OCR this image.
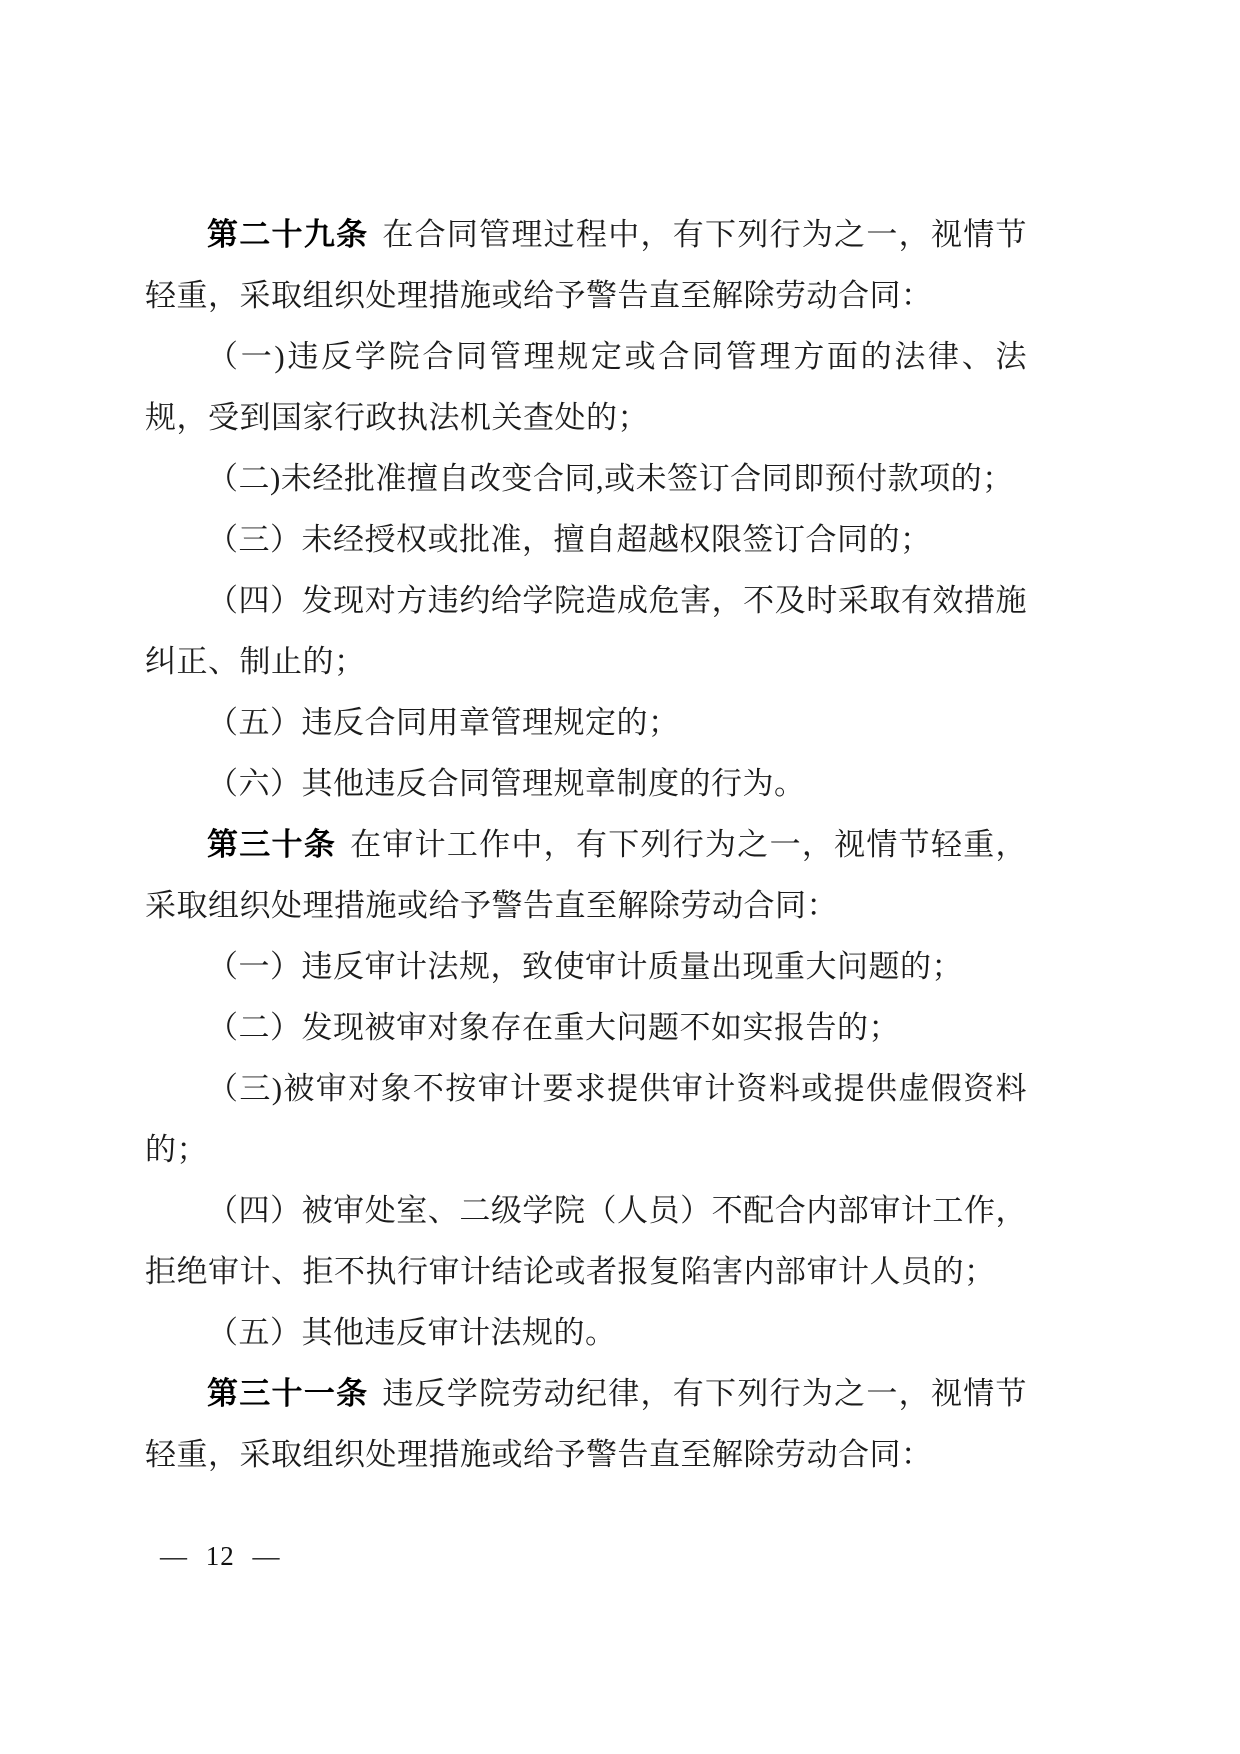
第二十九条 在合同管理过程中，有下列行为之一，视情节轻重，采取组织处理措施或给予警告直至解除劳动合同：

（一)违反学院合同管理规定或合同管理方面的法律、法规，受到国家行政执法机关查处的；

（二)未经批准擅自改变合同,或未签订合同即预付款项的；

（三）未经授权或批准，擅自超越权限签订合同的；

（四）发现对方违约给学院造成危害，不及时采取有效措施纠正、制止的；

（五）违反合同用章管理规定的；

（六）其他违反合同管理规章制度的行为。

第三十条 在审计工作中，有下列行为之一，视情节轻重，采取组织处理措施或给予警告直至解除劳动合同：

（一）违反审计法规，致使审计质量出现重大问题的；

（二）发现被审对象存在重大问题不如实报告的；

（三)被审对象不按审计要求提供审计资料或提供虚假资料的；

（四）被审处室、二级学院（人员）不配合内部审计工作，拒绝审计、拒不执行审计结论或者报复陷害内部审计人员的；

（五）其他违反审计法规的。

第三十一条 违反学院劳动纪律，有下列行为之一，视情节轻重，采取组织处理措施或给予警告直至解除劳动合同：

— 12 —
